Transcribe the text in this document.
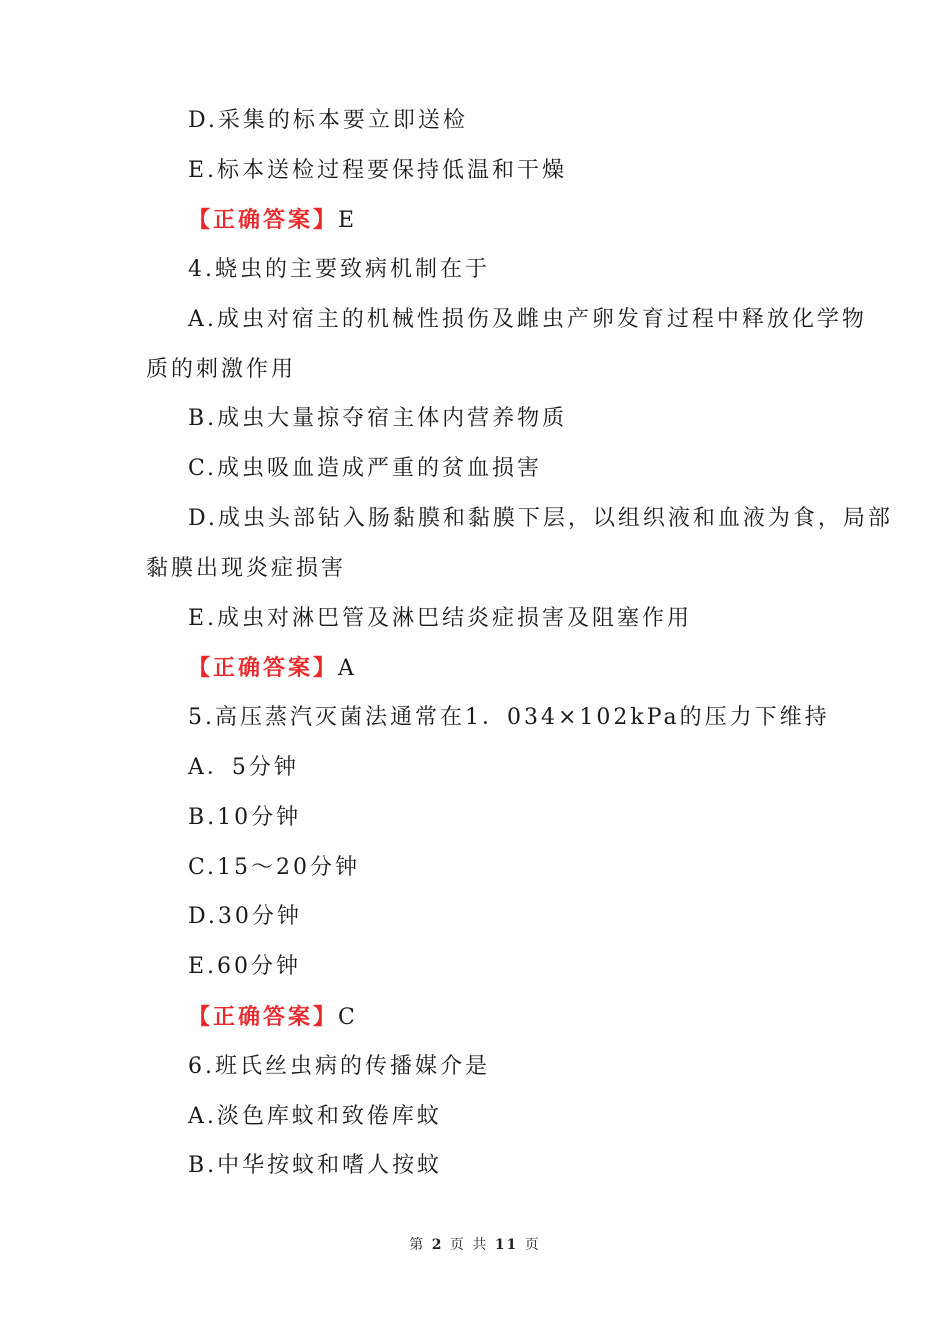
D.采集的标本要立即送检
E.标本送检过程要保持低温和干燥
【正确答案】E
4.蛲虫的主要致病机制在于
A.成虫对宿主的机械性损伤及雌虫产卵发育过程中释放化学物
质的刺激作用
B.成虫大量掠夺宿主体内营养物质
C.成虫吸血造成严重的贫血损害
D.成虫头部钻入肠黏膜和黏膜下层，以组织液和血液为食，局部
黏膜出现炎症损害
E.成虫对淋巴管及淋巴结炎症损害及阻塞作用
【正确答案】A
5.高压蒸汽灭菌法通常在1．034×102kPa的压力下维持
A．5分钟
B.10分钟
C.15～20分钟
D.30分钟
E.60分钟
【正确答案】C
6.班氏丝虫病的传播媒介是
A.淡色库蚊和致倦库蚊
B.中华按蚊和嗜人按蚊
第 2 页 共 11 页
